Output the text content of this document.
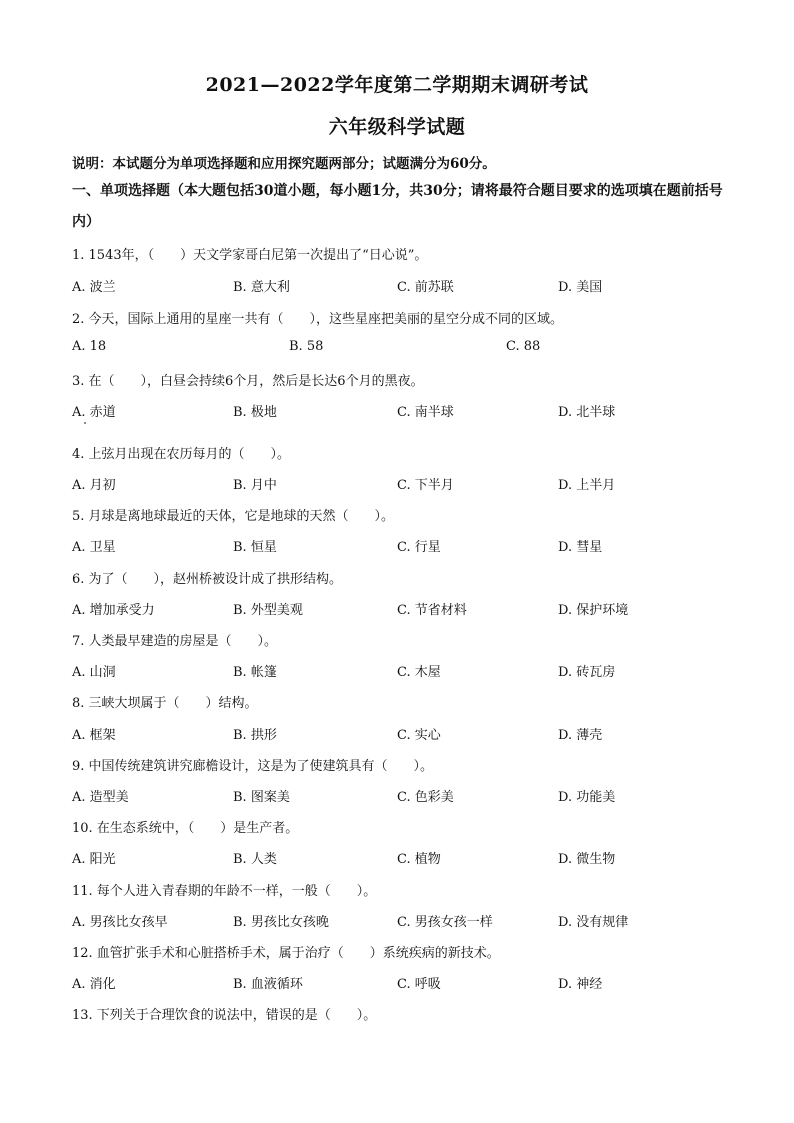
2021—2022学年度第二学期期末调研考试
六年级科学试题
说明：本试题分为单项选择题和应用探究题两部分；试题满分为60分。
一、单项选择题（本大题包括30道小题，每小题1分，共30分；请将最符合题目要求的选项填在题前括号内）
1. 1543年，（　　）天文学家哥白尼第一次提出了“日心说”。
A. 波兰	B. 意大利	C. 前苏联	D. 美国
2. 今天，国际上通用的星座一共有（　　），这些星座把美丽的星空分成不同的区域。
A. 18	B. 58	C. 88
3. 在（　　），白昼会持续6个月，然后是长达6个月的黑夜。
A. 赤道	B. 极地	C. 南半球	D. 北半球
4. 上弦月出现在农历每月的（　　）。
A. 月初	B. 月中	C. 下半月	D. 上半月
5. 月球是离地球最近的天体，它是地球的天然（　　）。
A. 卫星	B. 恒星	C. 行星	D. 彗星
6. 为了（　　），赵州桥被设计成了拱形结构。
A. 增加承受力	B. 外型美观	C. 节省材料	D. 保护环境
7. 人类最早建造的房屋是（　　）。
A. 山洞	B. 帐篷	C. 木屋	D. 砖瓦房
8. 三峡大坝属于（　　）结构。
A. 框架	B. 拱形	C. 实心	D. 薄壳
9. 中国传统建筑讲究廊檐设计，这是为了使建筑具有（　　）。
A. 造型美	B. 图案美	C. 色彩美	D. 功能美
10. 在生态系统中，（　　）是生产者。
A. 阳光	B. 人类	C. 植物	D. 微生物
11. 每个人进入青春期的年龄不一样，一般（　　）。
A. 男孩比女孩早	B. 男孩比女孩晚	C. 男孩女孩一样	D. 没有规律
12. 血管扩张手术和心脏搭桥手术，属于治疗（　　）系统疾病的新技术。
A. 消化	B. 血液循环	C. 呼吸	D. 神经
13. 下列关于合理饮食的说法中，错误的是（　　）。
